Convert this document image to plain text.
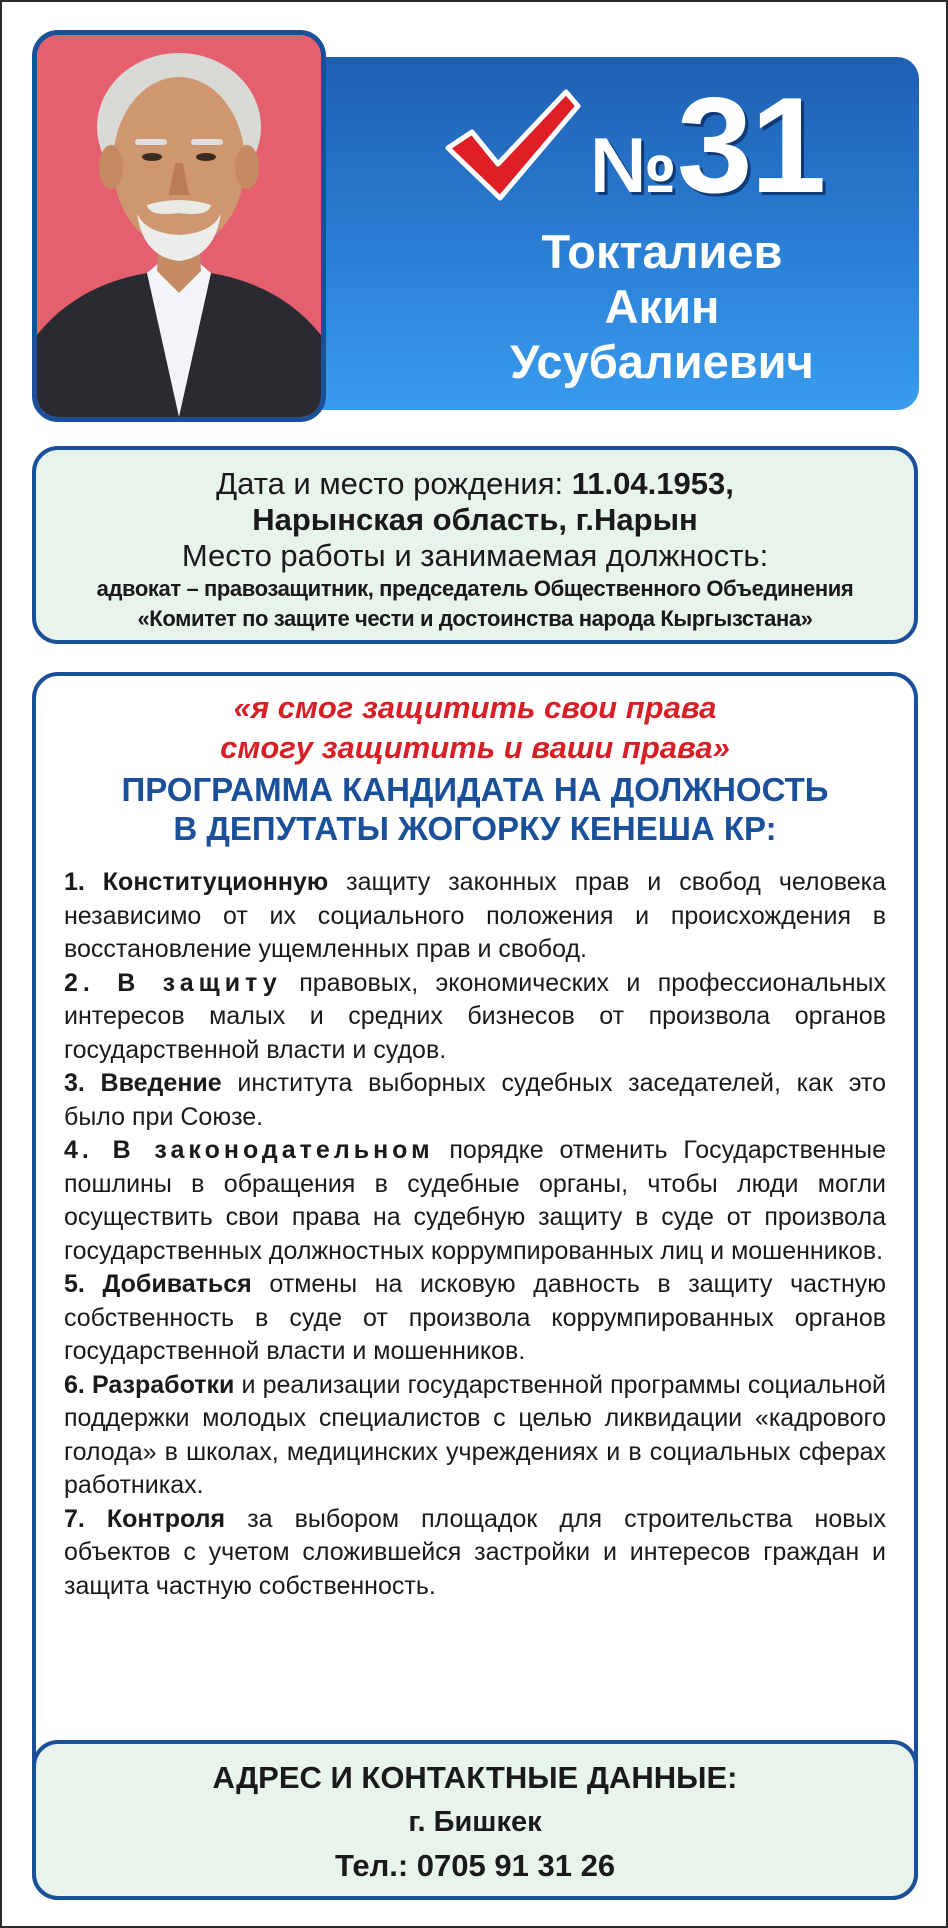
№31
Токталиев
Акин
Усубалиевич
Дата и место рождения: 11.04.1953,
Нарынская область, г.Нарын
Место работы и занимаемая должность:
адвокат – правозащитник, председатель Общественного Объединения
«Комитет по защите чести и достоинства народа Кыргызстана»
«я смог защитить свои права
смогу защитить и ваши права»
ПРОГРАММА КАНДИДАТА НА ДОЛЖНОСТЬ
В ДЕПУТАТЫ ЖОГОРКУ КЕНЕША КР:
1. Конституционную защиту законных прав и свобод человека независимо от их социального положения и происхождения в восстановление ущемленных прав и свобод.
2. В защиту правовых, экономических и профессиональных интересов малых и средних бизнесов от произвола органов государственной власти и судов.
3. Введение института выборных судебных заседателей, как это было при Союзе.
4. В законодательном порядке отменить Государственные пошлины в обращения в судебные органы, чтобы люди могли осуществить свои права на судебную защиту в суде от произвола государственных должностных коррумпированных лиц и мошенников.
5. Добиваться отмены на исковую давность в защиту частную собственность в суде от произвола коррумпированных органов государственной власти и мошенников.
6. Разработки и реализации государственной программы социальной поддержки молодых специалистов с целью ликвидации «кадрового голода» в школах, медицинских учреждениях и в социальных сферах работниках.
7. Контроля за выбором площадок для строительства новых объектов с учетом сложившейся застройки и интересов граждан и защита частную собственность.
АДРЕС И КОНТАКТНЫЕ ДАННЫЕ:
г. Бишкек
Тел.: 0705 91 31 26
